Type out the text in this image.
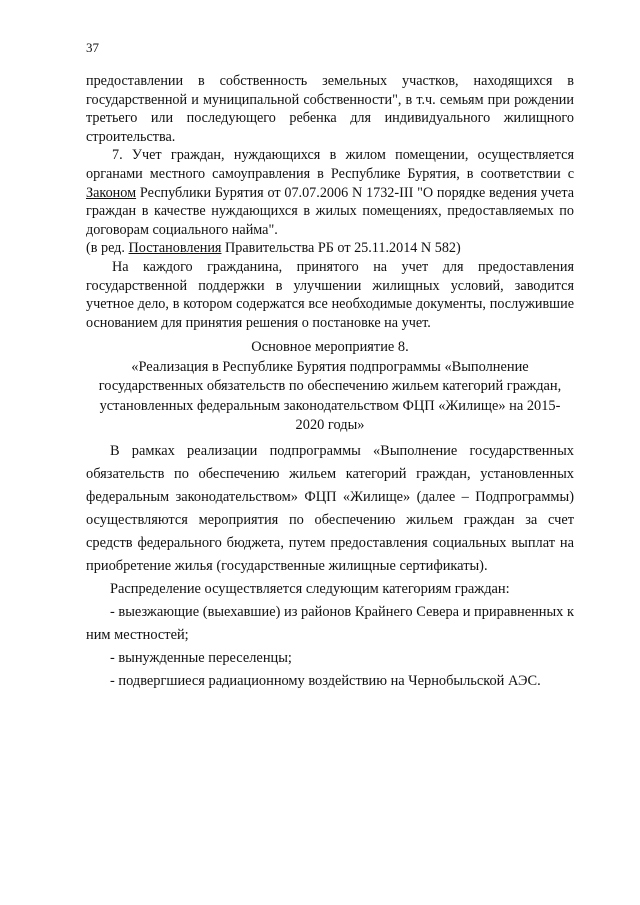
37

предоставлении в собственность земельных участков, находящихся в государственной и муниципальной собственности", в т.ч. семьям при рождении третьего или последующего ребенка для индивидуального жилищного строительства.

7. Учет граждан, нуждающихся в жилом помещении, осуществляется органами местного самоуправления в Республике Бурятия, в соответствии с Законом Республики Бурятия от 07.07.2006 N 1732-III "О порядке ведения учета граждан в качестве нуждающихся в жилых помещениях, предоставляемых по договорам социального найма".

(в ред. Постановления Правительства РБ от 25.11.2014 N 582)

На каждого гражданина, принятого на учет для предоставления государственной поддержки в улучшении жилищных условий, заводится учетное дело, в котором содержатся все необходимые документы, послужившие основанием для принятия решения о постановке на учет.

Основное мероприятие 8.
«Реализация в Республике Бурятия подпрограммы «Выполнение государственных обязательств по обеспечению жильем категорий граждан, установленных федеральным законодательством ФЦП «Жилище» на 2015-2020 годы»

В рамках реализации подпрограммы «Выполнение государственных обязательств по обеспечению жильем категорий граждан, установленных федеральным законодательством» ФЦП «Жилище» (далее – Подпрограммы) осуществляются мероприятия по обеспечению жильем граждан за счет средств федерального бюджета, путем предоставления социальных выплат на приобретение жилья (государственные жилищные сертификаты).

Распределение осуществляется следующим категориям граждан:

- выезжающие (выехавшие) из районов Крайнего Севера и приравненных к ним местностей;

- вынужденные переселенцы;

- подвергшиеся радиационному воздействию на Чернобыльской АЭС.
